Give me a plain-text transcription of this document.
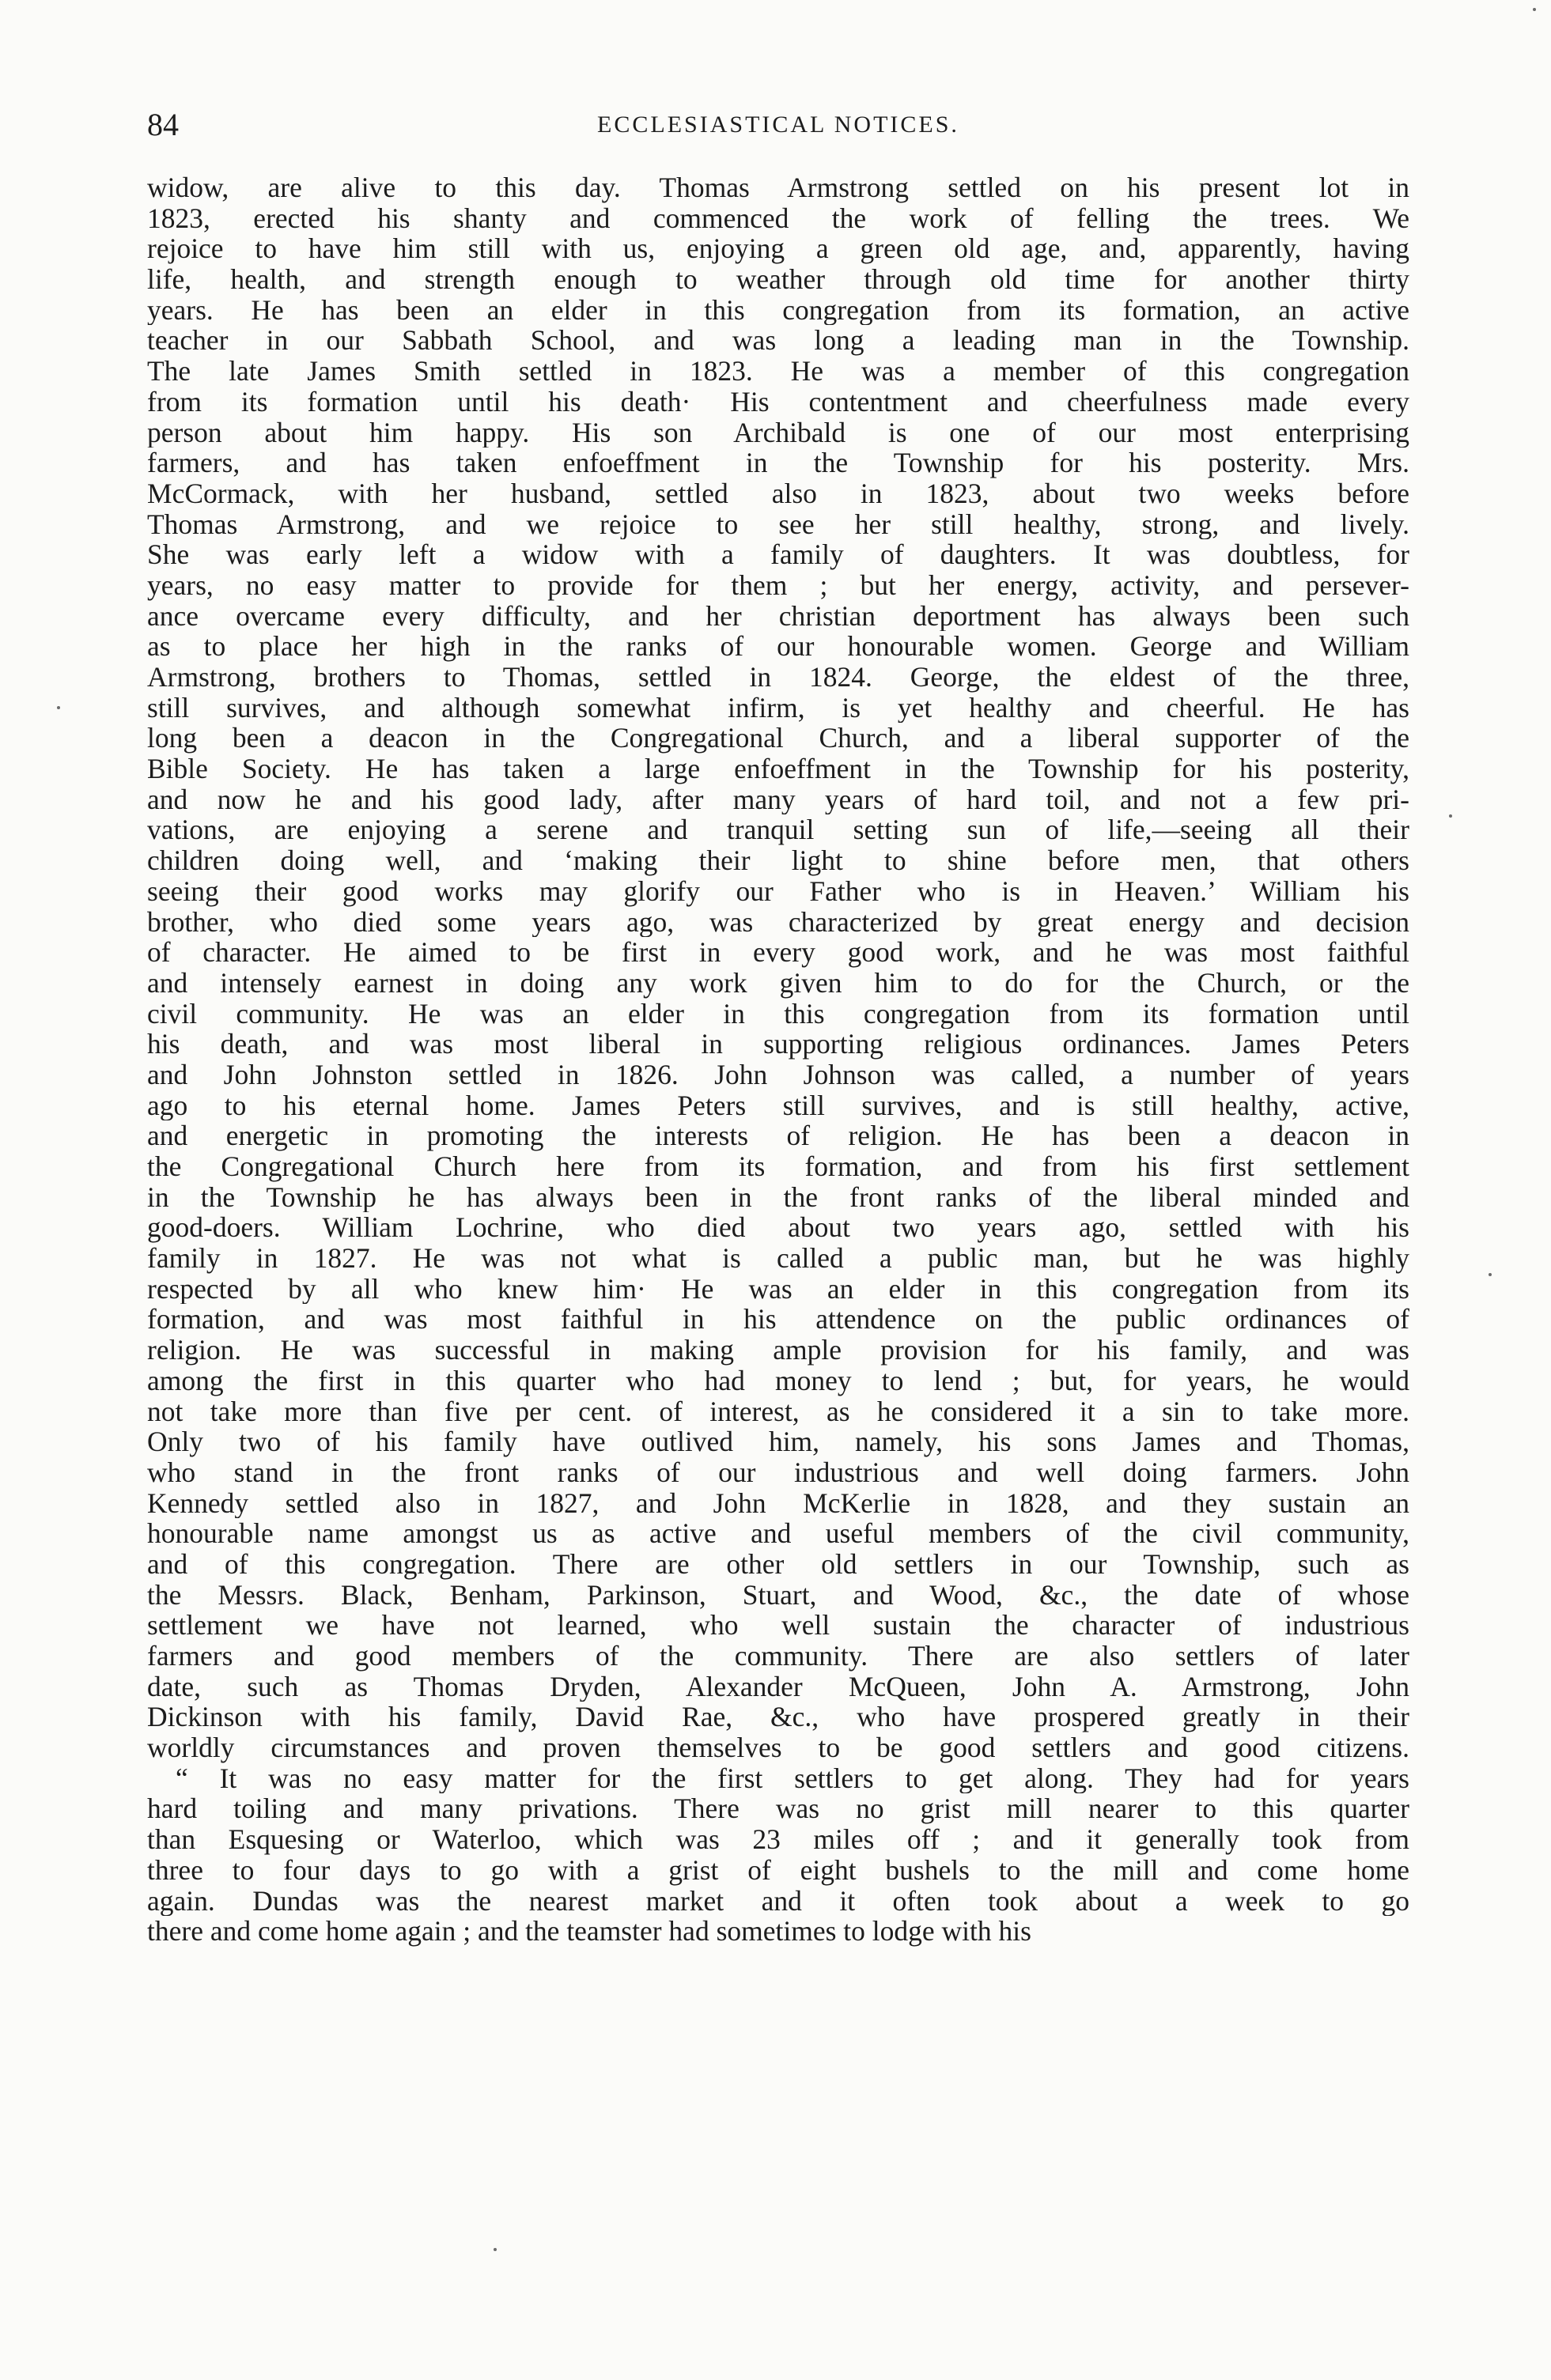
84	ECCLESIASTICAL NOTICES.
widow, are alive to this day. Thomas Armstrong settled on his present lot in
1823, erected his shanty and commenced the work of felling the trees. We
rejoice to have him still with us, enjoying a green old age, and, apparently, having
life, health, and strength enough to weather through old time for another thirty
years. He has been an elder in this congregation from its formation, an active
teacher in our Sabbath School, and was long a leading man in the Township.
The late James Smith settled in 1823. He was a member of this congregation
from its formation until his death· His contentment and cheerfulness made every
person about him happy. His son Archibald is one of our most enterprising
farmers, and has taken enfoeffment in the Township for his posterity. Mrs.
McCormack, with her husband, settled also in 1823, about two weeks before
Thomas Armstrong, and we rejoice to see her still healthy, strong, and lively.
She was early left a widow with a family of daughters. It was doubtless, for
years, no easy matter to provide for them ; but her energy, activity, and persever-
ance overcame every difficulty, and her christian deportment has always been such
as to place her high in the ranks of our honourable women. George and William
Armstrong, brothers to Thomas, settled in 1824. George, the eldest of the three,
still survives, and although somewhat infirm, is yet healthy and cheerful. He has
long been a deacon in the Congregational Church, and a liberal supporter of the
Bible Society. He has taken a large enfoeffment in the Township for his posterity,
and now he and his good lady, after many years of hard toil, and not a few pri-
vations, are enjoying a serene and tranquil setting sun of life,—seeing all their
children doing well, and ‘making their light to shine before men, that others
seeing their good works may glorify our Father who is in Heaven.’ William his
brother, who died some years ago, was characterized by great energy and decision
of character. He aimed to be first in every good work, and he was most faithful
and intensely earnest in doing any work given him to do for the Church, or the
civil community. He was an elder in this congregation from its formation until
his death, and was most liberal in supporting religious ordinances. James Peters
and John Johnston settled in 1826. John Johnson was called, a number of years
ago to his eternal home. James Peters still survives, and is still healthy, active,
and energetic in promoting the interests of religion. He has been a deacon in
the Congregational Church here from its formation, and from his first settlement
in the Township he has always been in the front ranks of the liberal minded and
good-doers. William Lochrine, who died about two years ago, settled with his
family in 1827. He was not what is called a public man, but he was highly
respected by all who knew him· He was an elder in this congregation from its
formation, and was most faithful in his attendence on the public ordinances of
religion. He was successful in making ample provision for his family, and was
among the first in this quarter who had money to lend ; but, for years, he would
not take more than five per cent. of interest, as he considered it a sin to take more.
Only two of his family have outlived him, namely, his sons James and Thomas,
who stand in the front ranks of our industrious and well doing farmers. John
Kennedy settled also in 1827, and John McKerlie in 1828, and they sustain an
honourable name amongst us as active and useful members of the civil community,
and of this congregation. There are other old settlers in our Township, such as
the Messrs. Black, Benham, Parkinson, Stuart, and Wood, &c., the date of whose
settlement we have not learned, who well sustain the character of industrious
farmers and good members of the community. There are also settlers of later
date, such as Thomas Dryden, Alexander McQueen, John A. Armstrong, John
Dickinson with his family, David Rae, &c., who have prospered greatly in their
worldly circumstances and proven themselves to be good settlers and good citizens.
“ It was no easy matter for the first settlers to get along. They had for years
hard toiling and many privations. There was no grist mill nearer to this quarter
than Esquesing or Waterloo, which was 23 miles off ; and it generally took from
three to four days to go with a grist of eight bushels to the mill and come home
again. Dundas was the nearest market and it often took about a week to go
there and come home again ; and the teamster had sometimes to lodge with his
